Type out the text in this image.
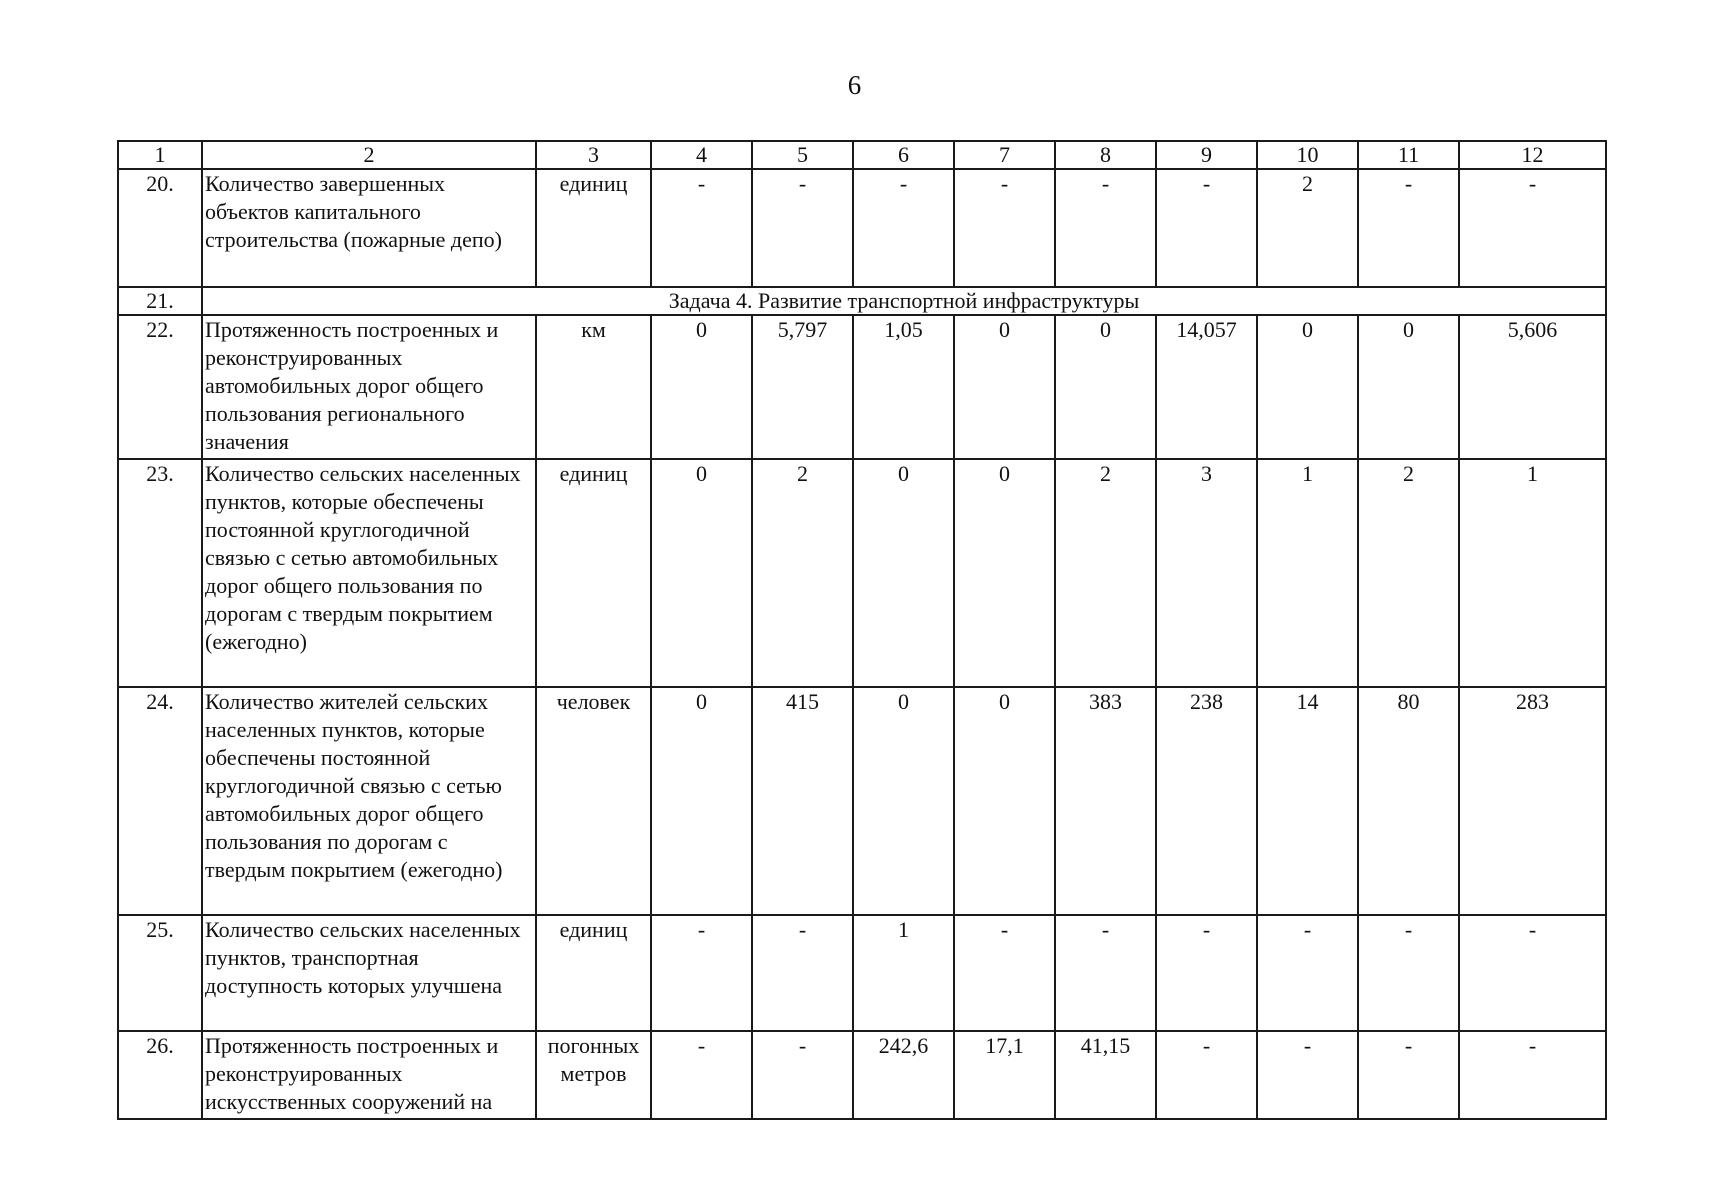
6
1	2	3	4	5	6	7	8	9	10	11	12
20.	Количество завершенных объектов капитального строительства (пожарные депо)	единиц	-	-	-	-	-	-	2	-	-
21.	Задача 4. Развитие транспортной инфраструктуры										
22.	Протяженность построенных и реконструированных автомобильных дорог общего пользования регионального значения	км	0	5,797	1,05	0	0	14,057	0	0	5,606
23.	Количество сельских населенных пунктов, которые обеспечены постоянной круглогодичной связью с сетью автомобильных дорог общего пользования по дорогам с твердым покрытием (ежегодно)	единиц	0	2	0	0	2	3	1	2	1
24.	Количество жителей сельских населенных пунктов, которые обеспечены постоянной круглогодичной связью с сетью автомобильных дорог общего пользования по дорогам с твердым покрытием (ежегодно)	человек	0	415	0	0	383	238	14	80	283
25.	Количество сельских населенных пунктов, транспортная доступность которых улучшена	единиц	-	-	1	-	-	-	-	-	-
26.	Протяженность построенных и реконструированных искусственных сооружений на	погонных метров	-	-	242,6	17,1	41,15	-	-	-	-
